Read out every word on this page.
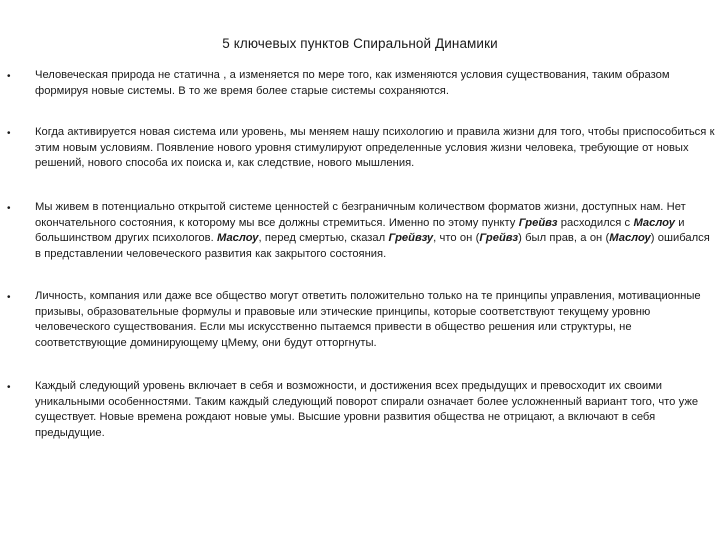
5 ключевых пунктов Спиральной Динамики
• Человеческая природа не статична , а изменяется по мере того, как изменяются условия существования, таким образом формируя новые системы. В то же время более старые системы сохраняются.
• Когда активируется новая система или уровень, мы меняем нашу психологию и правила жизни для того, чтобы приспособиться к этим новым условиям. Появление нового уровня стимулируют определенные условия жизни человека, требующие от новых решений, нового способа их поиска и, как следствие, нового мышления.
• Мы живем в потенциально открытой системе ценностей с безграничным количеством форматов жизни, доступных нам. Нет окончательного состояния, к которому мы все должны стремиться. Именно по этому пункту Грейвз расходился с Маслоу и большинством других психологов. Маслоу, перед смертью, сказал Грейвзу, что он (Грейвз) был прав, а он (Маслоу) ошибался в представлении человеческого развития как закрытого состояния.
• Личность, компания или даже все общество могут ответить положительно только на те принципы управления, мотивационные призывы, образовательные формулы и правовые или этические принципы, которые соответствуют текущему уровню человеческого существования. Если мы искусственно пытаемся привести в общество решения или структуры, не соответствующие доминирующему цМему, они будут отторгнуты.
• Каждый следующий уровень включает в себя и возможности, и достижения всех предыдущих и превосходит их своими уникальными особенностями. Таким каждый следующий поворот спирали означает более усложненный вариант того, что уже существует. Новые времена рождают новые умы. Высшие уровни развития общества не отрицают, а включают в себя предыдущие.
